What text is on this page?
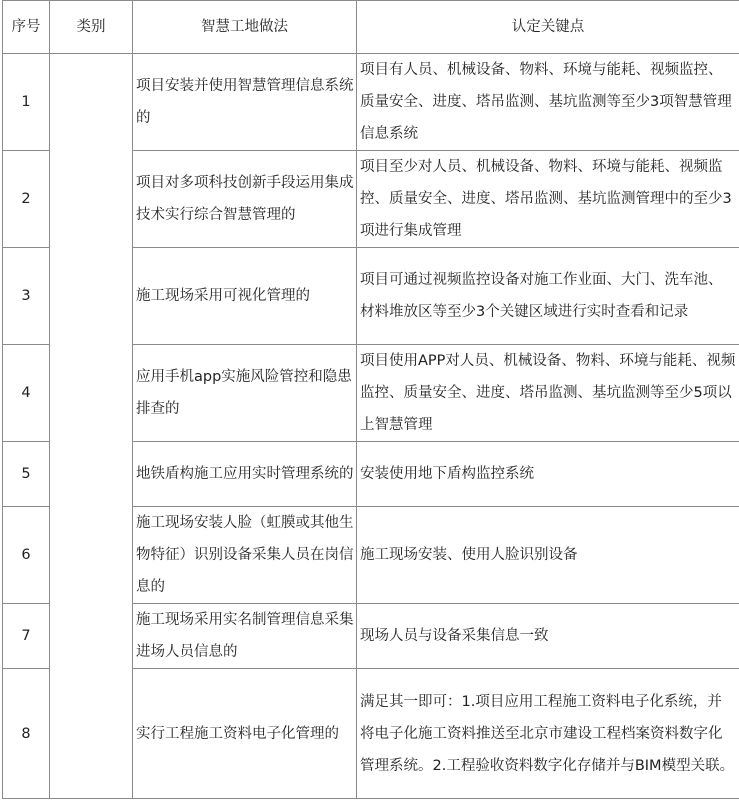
序号	类别	智慧工地做法	认定关键点
1		项目安装并使用智慧管理信息系统的	项目有人员、机械设备、物料、环境与能耗、视频监控、质量安全、进度、塔吊监测、基坑监测等至少3项智慧管理信息系统
2		项目对多项科技创新手段运用集成技术实行综合智慧管理的	项目至少对人员、机械设备、物料、环境与能耗、视频监控、质量安全、进度、塔吊监测、基坑监测管理中的至少3项进行集成管理
3		施工现场采用可视化管理的	项目可通过视频监控设备对施工作业面、大门、洗车池、材料堆放区等至少3个关键区域进行实时查看和记录
4		应用手机app实施风险管控和隐患排查的	项目使用APP对人员、机械设备、物料、环境与能耗、视频监控、质量安全、进度、塔吊监测、基坑监测等至少5项以上智慧管理
5		地铁盾构施工应用实时管理系统的	安装使用地下盾构监控系统
6		施工现场安装人脸（虹膜或其他生物特征）识别设备采集人员在岗信息的	施工现场安装、使用人脸识别设备
7		施工现场采用实名制管理信息采集进场人员信息的	现场人员与设备采集信息一致
8		实行工程施工资料电子化管理的	满足其一即可：1.项目应用工程施工资料电子化系统，并将电子化施工资料推送至北京市建设工程档案资料数字化管理系统。2.工程验收资料数字化存储并与BIM模型关联。
